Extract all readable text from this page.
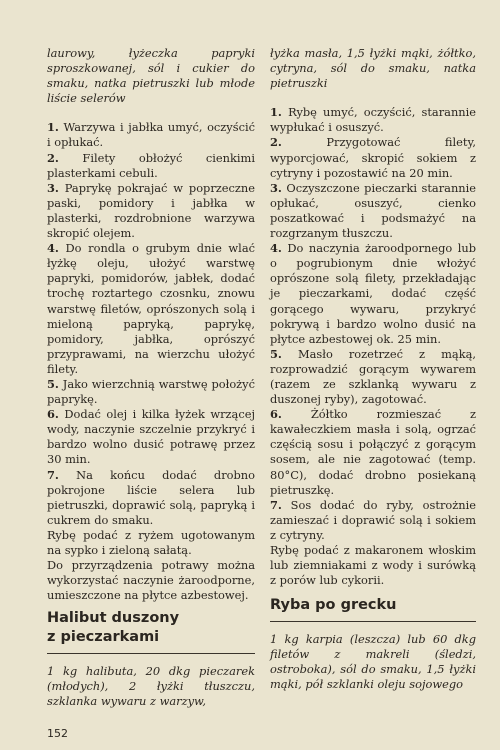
laurowy, łyżeczka papryki sproszkowanej, sól i cukier do smaku, natka pietruszki lub młode liście selerów

1. Warzywa i jabłka umyć, oczyścić i opłukać.

2. Filety obłożyć cienkimi plasterkami cebuli.

3. Paprykę pokrajać w poprzeczne paski, pomidory i jabłka w plasterki, rozdrobnione warzywa skropić olejem.

4. Do rondla o grubym dnie wlać łyżkę oleju, ułożyć warstwę papryki, pomidorów, jabłek, dodać trochę roztartego czosnku, znowu warstwę filetów, oprószonych solą i mieloną papryką, paprykę, pomidory, jabłka, oprószyć przyprawami, na wierzchu ułożyć filety.

5. Jako wierzchnią warstwę położyć paprykę.

6. Dodać olej i kilka łyżek wrzącej wody, naczynie szczelnie przykryć i bardzo wolno dusić potrawę przez 30 min.

7. Na końcu dodać drobno pokrojone liście selera lub pietruszki, doprawić solą, papryką i cukrem do smaku.

Rybę podać z ryżem ugotowanym na sypko i zieloną sałatą.

Do przyrządzenia potrawy można wykorzystać naczynie żaroodporne, umieszczone na płytce azbestowej.

Halibut duszony

z pieczarkami

1 kg halibuta, 20 dkg pieczarek (młodych), 2 łyżki tłuszczu, szklanka wywaru z warzyw,

łyżka masła, 1,5 łyżki mąki, żółtko, cytryna, sól do smaku, natka pietruszki

1. Rybę umyć, oczyścić, starannie wypłukać i osuszyć.

2.	Przygotować filety, wyporcjować, skropić sokiem z cytryny i pozostawić na 20 min.

3. Oczyszczone pieczarki starannie opłukać, osuszyć, cienko poszatkować i podsmażyć na rozgrzanym tłuszczu.

4. Do naczynia żaroodpornego lub o pogrubionym dnie włożyć oprószone solą filety, przekładając je pieczarkami, dodać część gorącego wywaru, przykryć pokrywą i bardzo wolno dusić na płytce azbestowej ok. 25 min.

5. Masło rozetrzeć z mąką, rozprowadzić gorącym wywarem (razem ze szklanką wywaru z duszonej ryby), zagotować.

6.	Żółtko rozmieszać z kawałeczkiem masła i solą, ogrzać częścią sosu i połączyć z gorącym sosem, ale nie zagotować (temp. 80°C), dodać drobno posiekaną pietruszkę.

7. Sos dodać do ryby, ostrożnie zamieszać i doprawić solą i sokiem z cytryny.

Rybę podać z makaronem włoskim lub ziemniakami z wody i surówką z porów lub cykorii.

Ryba po grecku

1 kg karpia (leszcza) lub 60 dkg filetów z makreli (śledzi, ostroboka), sól do smaku, 1,5 łyżki mąki, pół szklanki oleju sojowego

152
